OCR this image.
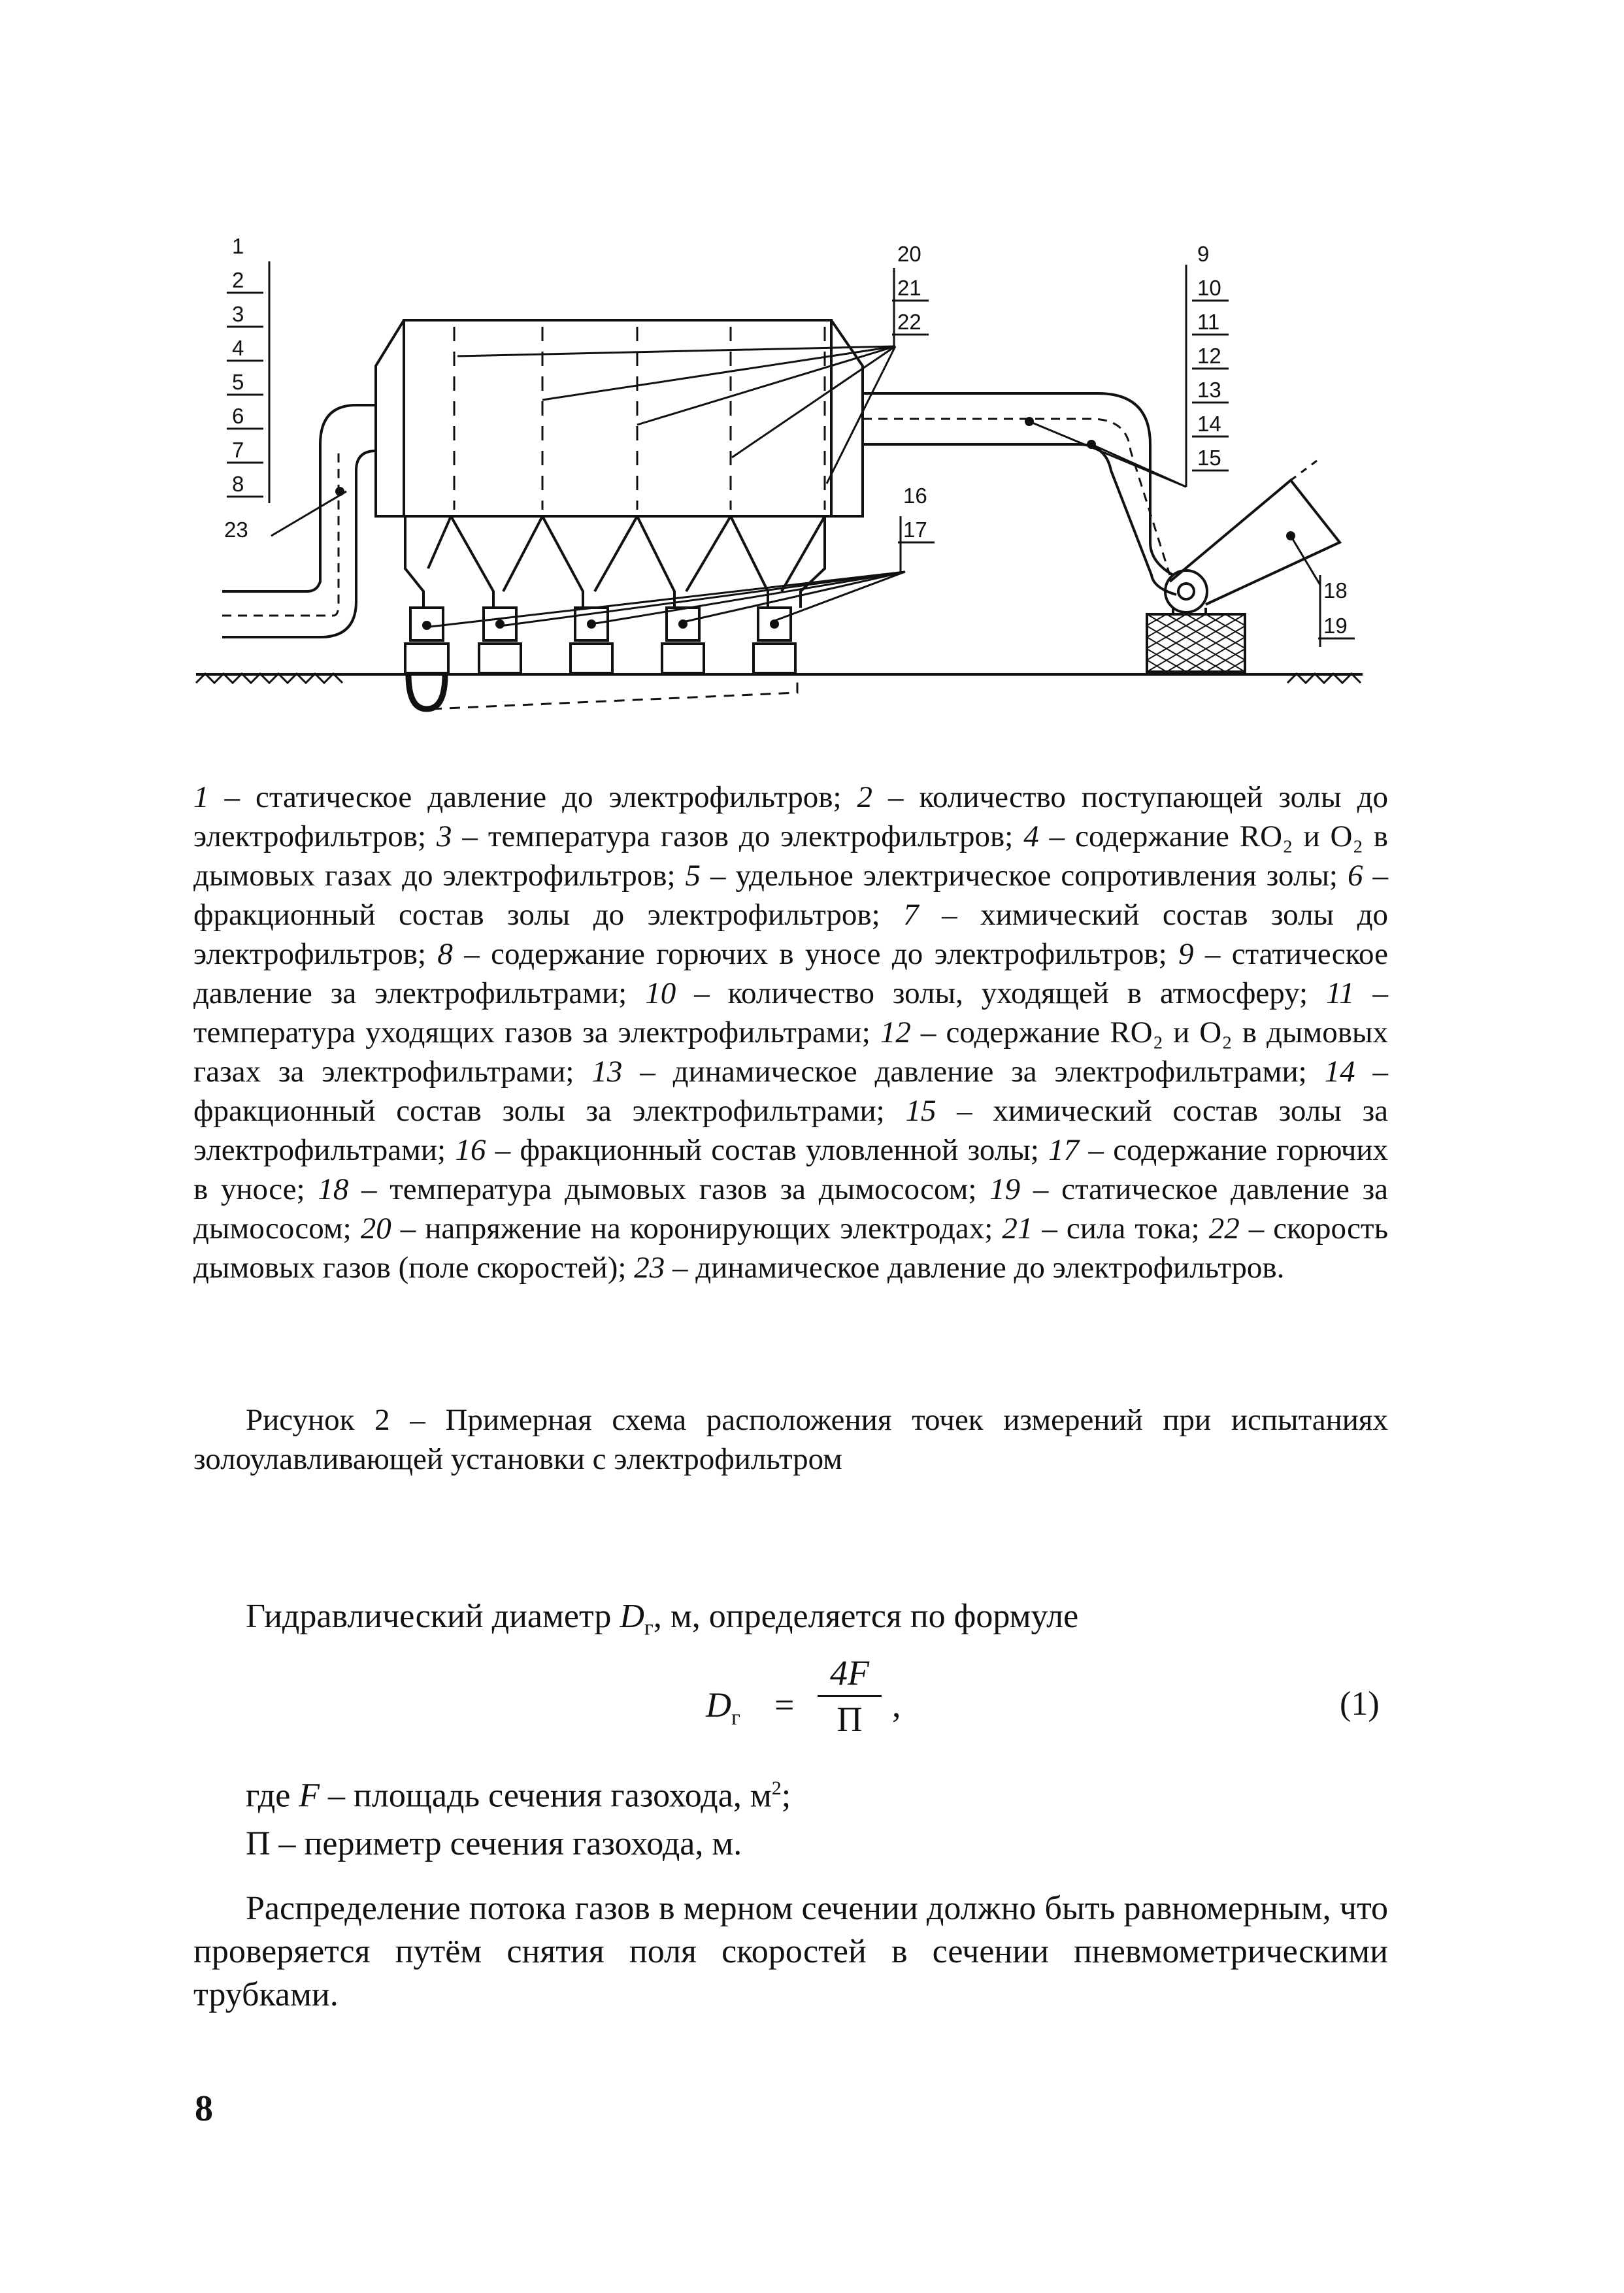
1
2
3
4
5
6
7
8
23
20
21
22
9
10
11
12
13
14
15
16
17
18
19
1 – статическое давление до электрофильтров; 2 – количество поступающей золы до электрофильтров; 3 – температура газов до электрофильтров; 4 – содержание RO₂ и O₂ в дымовых газах до электрофильтров; 5 – удельное электрическое сопротивления золы; 6 – фракционный состав золы до электрофильтров; 7 – химический состав золы до электрофильтров; 8 – содержание горючих в уносе до электрофильтров; 9 – статическое давление за электрофильтрами; 10 – количество золы, уходящей в атмосферу; 11 – температура уходящих газов за электрофильтрами; 12 – содержание RO₂ и O₂ в дымовых газах за электрофильтрами; 13 – динамическое давление за электрофильтрами; 14 – фракционный состав золы за электрофильтрами; 15 – химический состав золы за электрофильтрами; 16 – фракционный состав уловленной золы; 17 – содержание горючих в уносе; 18 – температура дымовых газов за дымососом; 19 – статическое давление за дымососом; 20 – напряжение на коронирующих электродах; 21 – сила тока; 22 – скорость дымовых газов (поле скоростей); 23 – динамическое давление до электрофильтров.
Рисунок 2 – Примерная схема расположения точек измерений при испытаниях золоулавливающей установки с электрофильтром
Гидравлический диаметр $D_г$, м, определяется по формуле
$D_г$ =
4F
П ,	(1)
где F – площадь сечения газохода, $м^2$;
П – периметр сечения газохода, м.
Распределение потока газов в мерном сечении должно быть равномерным, что проверяется путём снятия поля скоростей в сечении пневмометрическими трубками.
8
